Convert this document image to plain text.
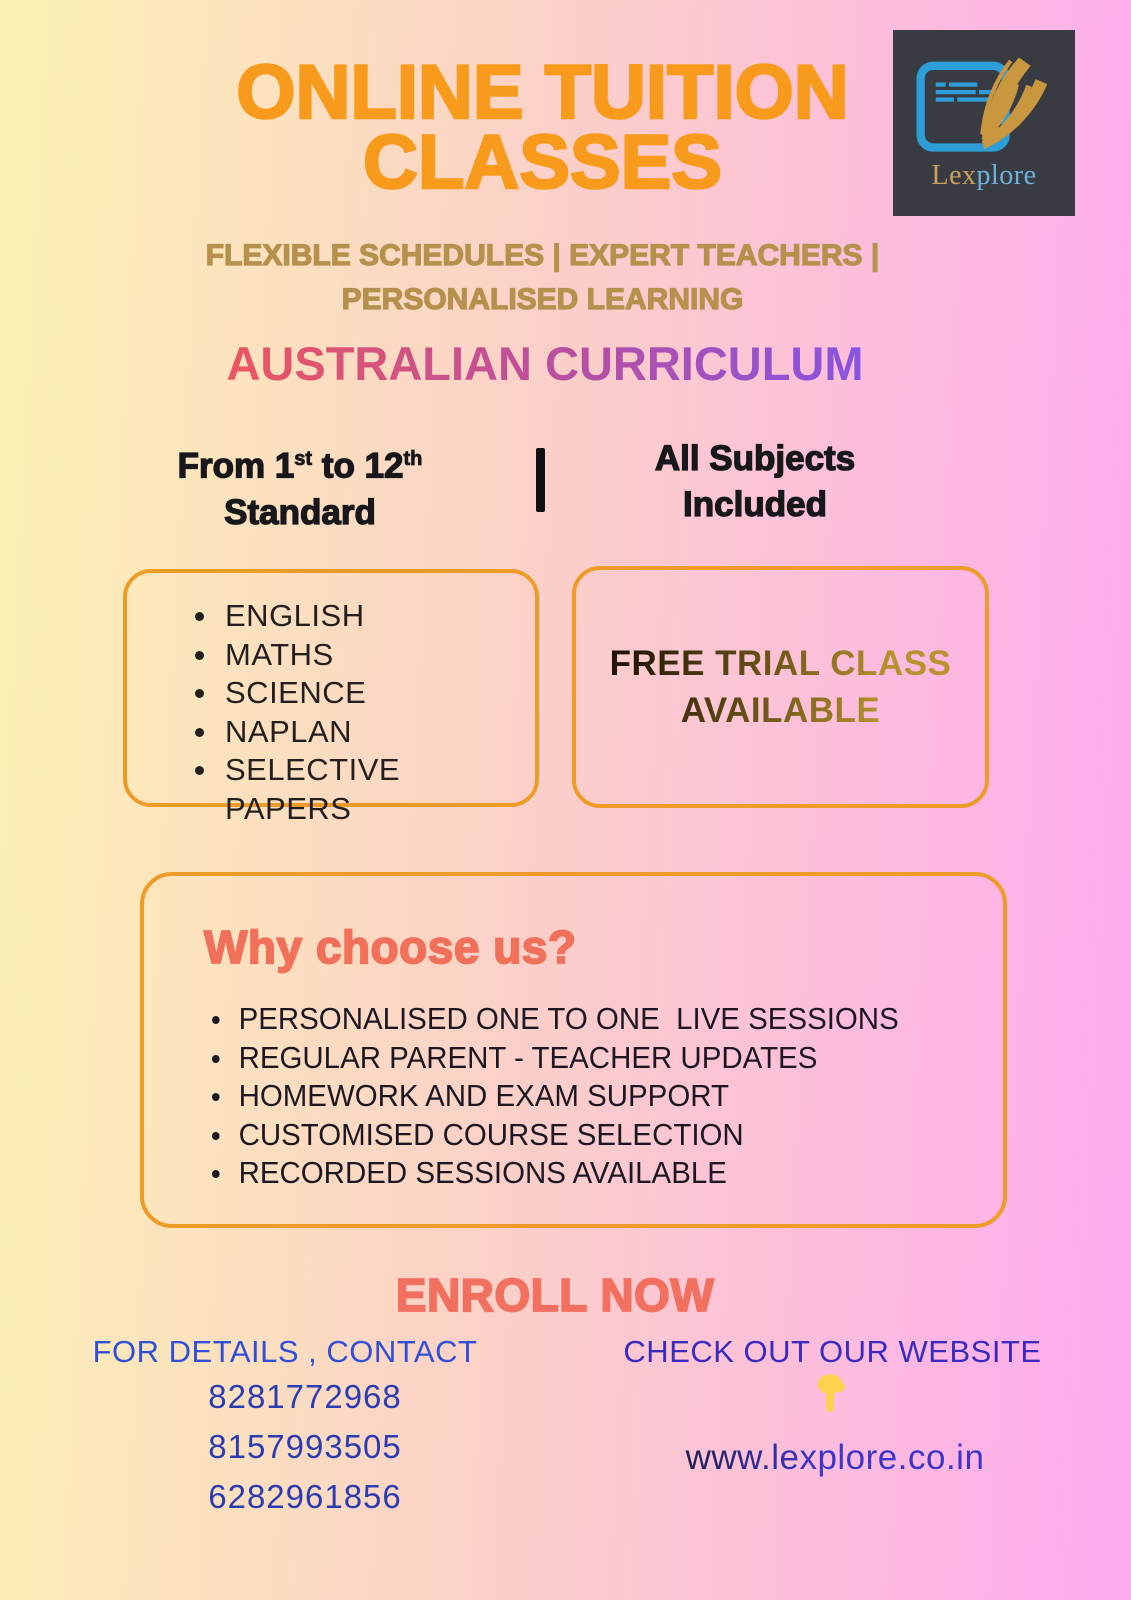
ONLINE TUITION
CLASSES	Lexplore
FLEXIBLE SCHEDULES | EXPERT TEACHERS |
PERSONALISED LEARNING
AUSTRALIAN CURRICULUM
From 1st to 12th
Standard
All Subjects
Included
ENGLISH
MATHS
SCIENCE
NAPLAN
SELECTIVE PAPERS
FREE TRIAL CLASS
AVAILABLE
Why choose us?
PERSONALISED ONE TO ONE  LIVE SESSIONS
REGULAR PARENT - TEACHER UPDATES
HOMEWORK AND EXAM SUPPORT
CUSTOMISED COURSE SELECTION
RECORDED SESSIONS AVAILABLE
ENROLL NOW
FOR DETAILS , CONTACT
8281772968
8157993505
6282961856
CHECK OUT OUR WEBSITE
www.lexplore.co.in
